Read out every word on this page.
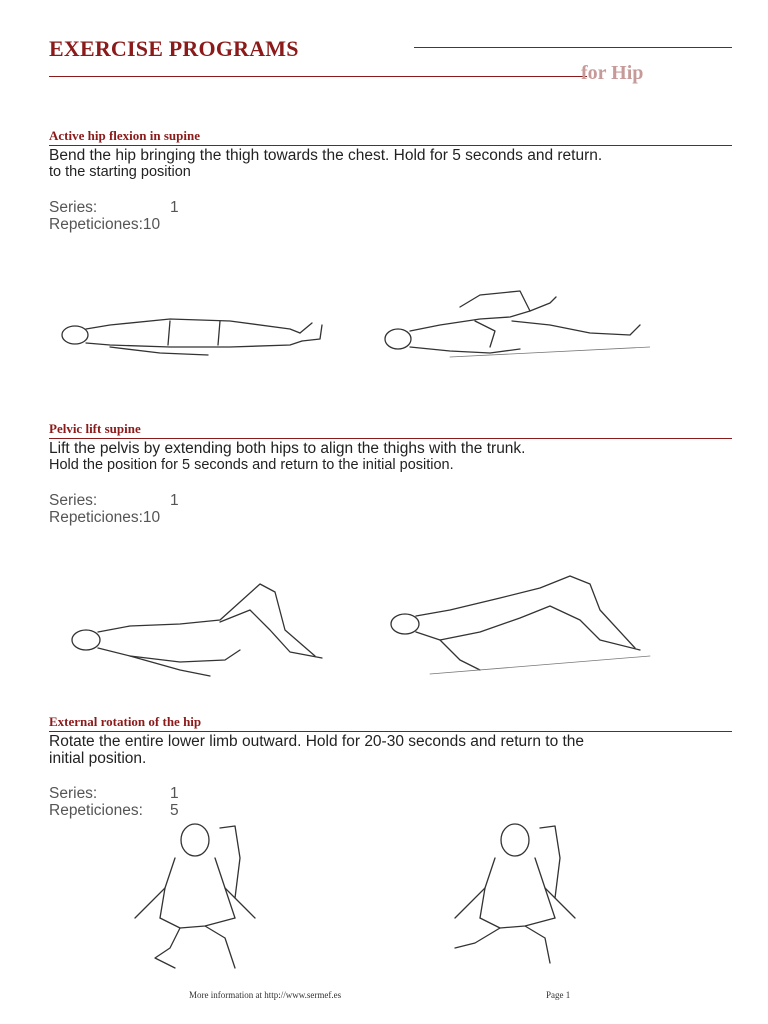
EXERCISE PROGRAMS
for Hip
Active hip flexion in supine
Bend the hip bringing the thigh towards the chest. Hold for 5 seconds and return.
to the starting position
Series:	1
Repeticiones: 10
Pelvic lift supine
Lift the pelvis by extending both hips to align the thighs with the trunk.
Hold the position for 5 seconds and return to the initial position.
Series:	1
Repeticiones: 10
External rotation of the hip
Rotate the entire lower limb outward. Hold for 20-30 seconds and return to the
initial position.
Series:	1
Repeticiones:	5
More information at http://www.sermef.es	Page 1
